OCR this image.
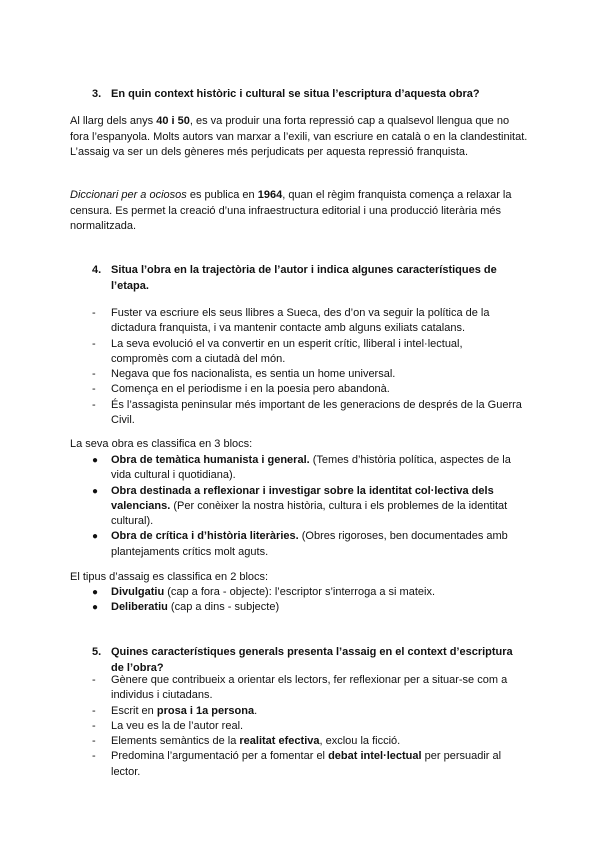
3. En quin context històric i cultural se situa l’escriptura d’aquesta obra?

Al llarg dels anys 40 i 50, es va produir una forta repressió cap a qualsevol llengua que no fora l’espanyola. Molts autors van marxar a l’exili, van escriure en català o en la clandestinitat. L’assaig va ser un dels gèneres més perjudicats per aquesta repressió franquista.

Diccionari per a ociosos es publica en 1964, quan el règim franquista comença a relaxar la censura. Es permet la creació d’una infraestructura editorial i una producció literària més normalitzada.

4. Situa l’obra en la trajectòria de l’autor i indica algunes característiques de l’etapa.
- Fuster va escriure els seus llibres a Sueca, des d’on va seguir la política de la dictadura franquista, i va mantenir contacte amb alguns exiliats catalans.
- La seva evolució el va convertir en un esperit crític, lliberal i intel·lectual, compromès com a ciutadà del món.
- Negava que fos nacionalista, es sentia un home universal.
- Comença en el periodisme i en la poesia pero abandonà.
- És l’assagista peninsular més important de les generacions de després de la Guerra Civil.

La seva obra es classifica en 3 blocs:

● Obra de temàtica humanista i general. (Temes d’història política, aspectes de la vida cultural i quotidiana).
● Obra destinada a reflexionar i investigar sobre la identitat col·lectiva dels valencians. (Per conèixer la nostra història, cultura i els problemes de la identitat cultural).
● Obra de crítica i d’història literàries. (Obres rigoroses, ben documentades amb plantejaments crítics molt aguts.

El tipus d’assaig es classifica en 2 blocs:

● Divulgatiu (cap a fora - objecte): l’escriptor s’interroga a si mateix.
● Deliberatiu (cap a dins - subjecte)
5. Quines característiques generals presenta l’assaig en el context d’escriptura de l’obra?
- Gènere que contribueix a orientar els lectors, fer reflexionar per a situar-se com a individus i ciutadans.
- Escrit en prosa i 1a persona.
- La veu es la de l’autor real.
- Elements semàntics de la realitat efectiva, exclou la ficció.
- Predomina l’argumentació per a fomentar el debat intel·lectual per persuadir al lector.
